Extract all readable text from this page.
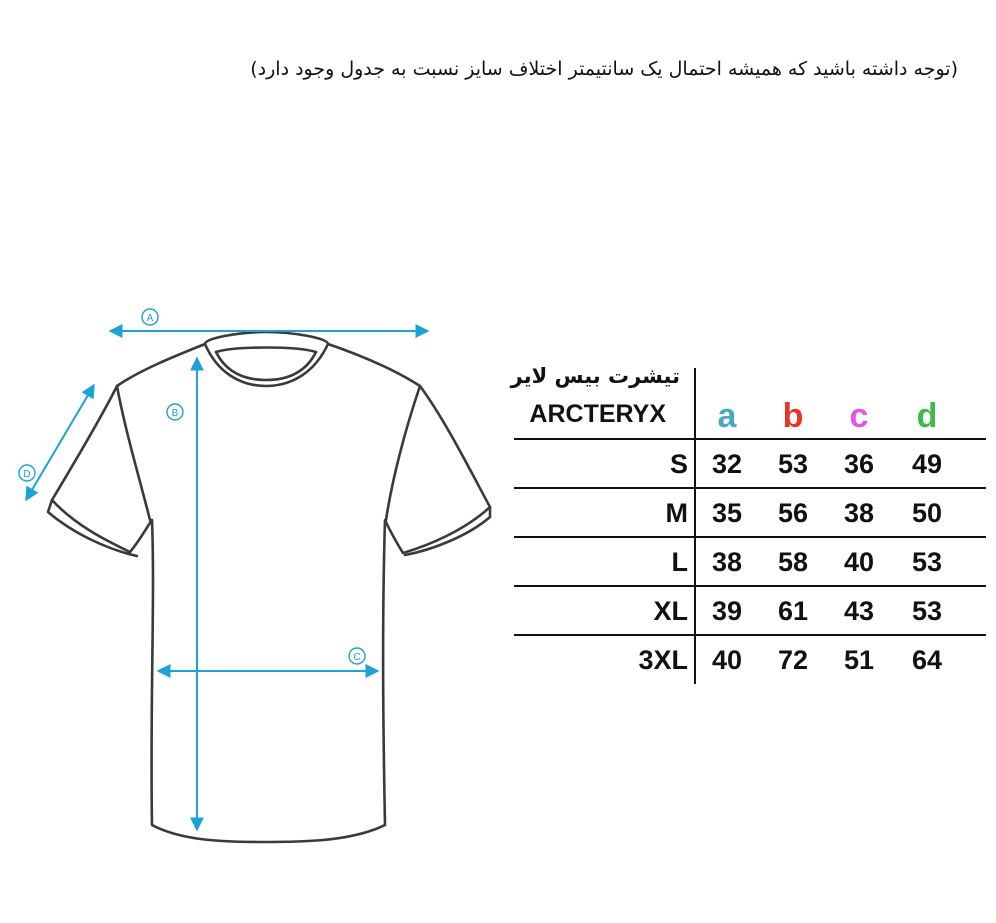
(توجه داشته باشید که همیشه احتمال یک سانتیمتر اختلاف سایز نسبت به جدول وجود دارد)
A
B
C
D
تیشرت بیس لایر
ARCTERYX	a	b	c	d
S 32	53	36	49
M 35	56	38	50
L 38	58	40	53
XL 39	61	43	53
3XL 40	72	51	64
